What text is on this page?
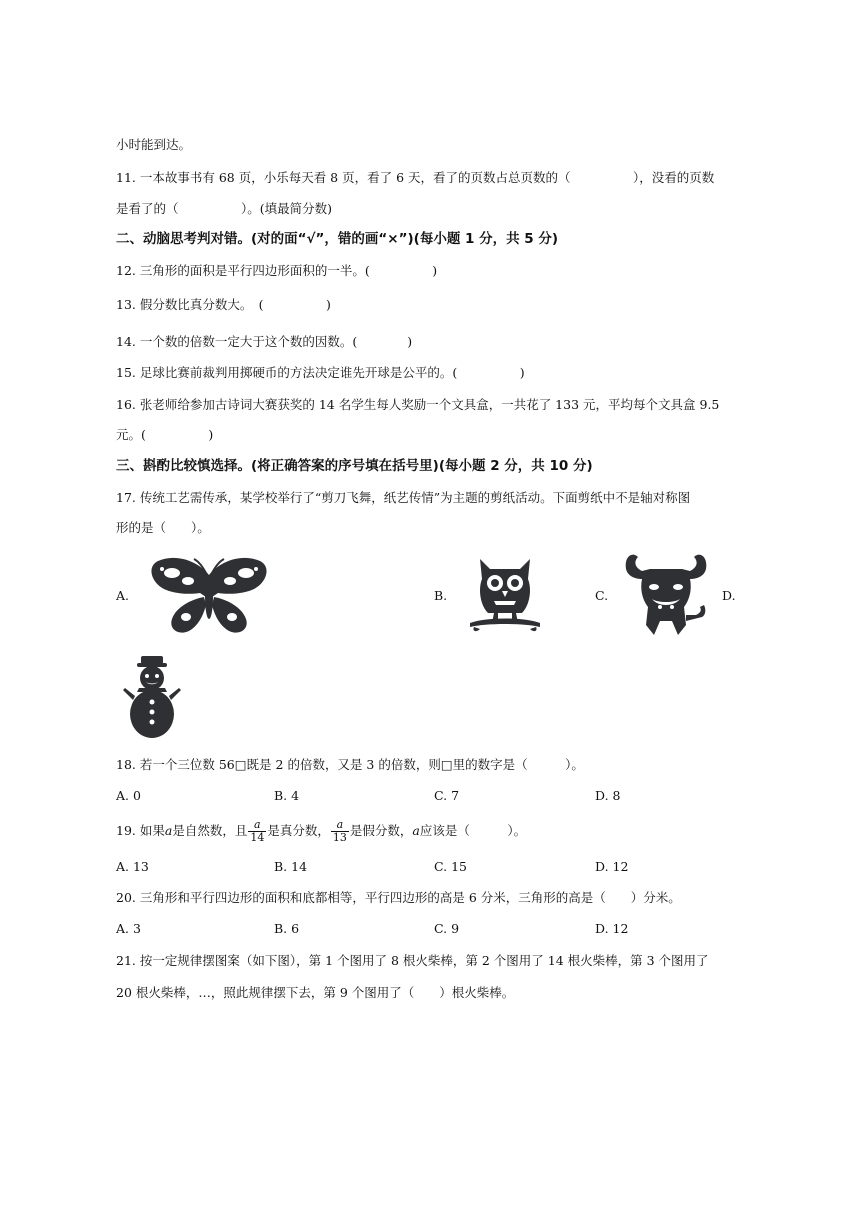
小时能到达。
11. 一本故事书有 68 页，小乐每天看 8 页，看了 6 天，看了的页数占总页数的（　　　　　），没看的页数
是看了的（　　　　　）。(填最简分数)
二、动脑思考判对错。(对的面“√”，错的画“×”)(每小题 1 分，共 5 分)
12. 三角形的面积是平行四边形面积的一半。(　　　　　)
13. 假分数比真分数大。　(　　　　　)
14. 一个数的倍数一定大于这个数的因数。(　　　　)
15. 足球比赛前裁判用掷硬币的方法决定谁先开球是公平的。(　　　　　)
16. 张老师给参加古诗词大赛获奖的 14 名学生每人奖励一个文具盒，一共花了 133 元，平均每个文具盒 9.5
元。(　　　　　)
三、斟酌比较慎选择。(将正确答案的序号填在括号里)(每小题 2 分，共 10 分)
17. 传统工艺需传承，某学校举行了“剪刀飞舞，纸艺传情”为主题的剪纸活动。下面剪纸中不是轴对称图
形的是（　　）。
A.	B.	C.	D.
18. 若一个三位数 56□既是 2 的倍数，又是 3 的倍数，则□里的数字是（　　　）。
A. 0	B. 4	C. 7	D. 8
19. 如果a是自然数，且 $\frac{a}{14}$ 是真分数， $\frac{a}{13}$ 是假分数，a应该是（　　　）。
A. 13	B. 14	C. 15	D. 12
20. 三角形和平行四边形的面积和底都相等，平行四边形的高是 6 分米，三角形的高是（　　）分米。
A. 3	B. 6	C. 9	D. 12
21. 按一定规律摆图案（如下图），第 1 个图用了 8 根火柴棒，第 2 个图用了 14 根火柴棒，第 3 个图用了
20 根火柴棒，…，照此规律摆下去，第 9 个图用了（　　）根火柴棒。
